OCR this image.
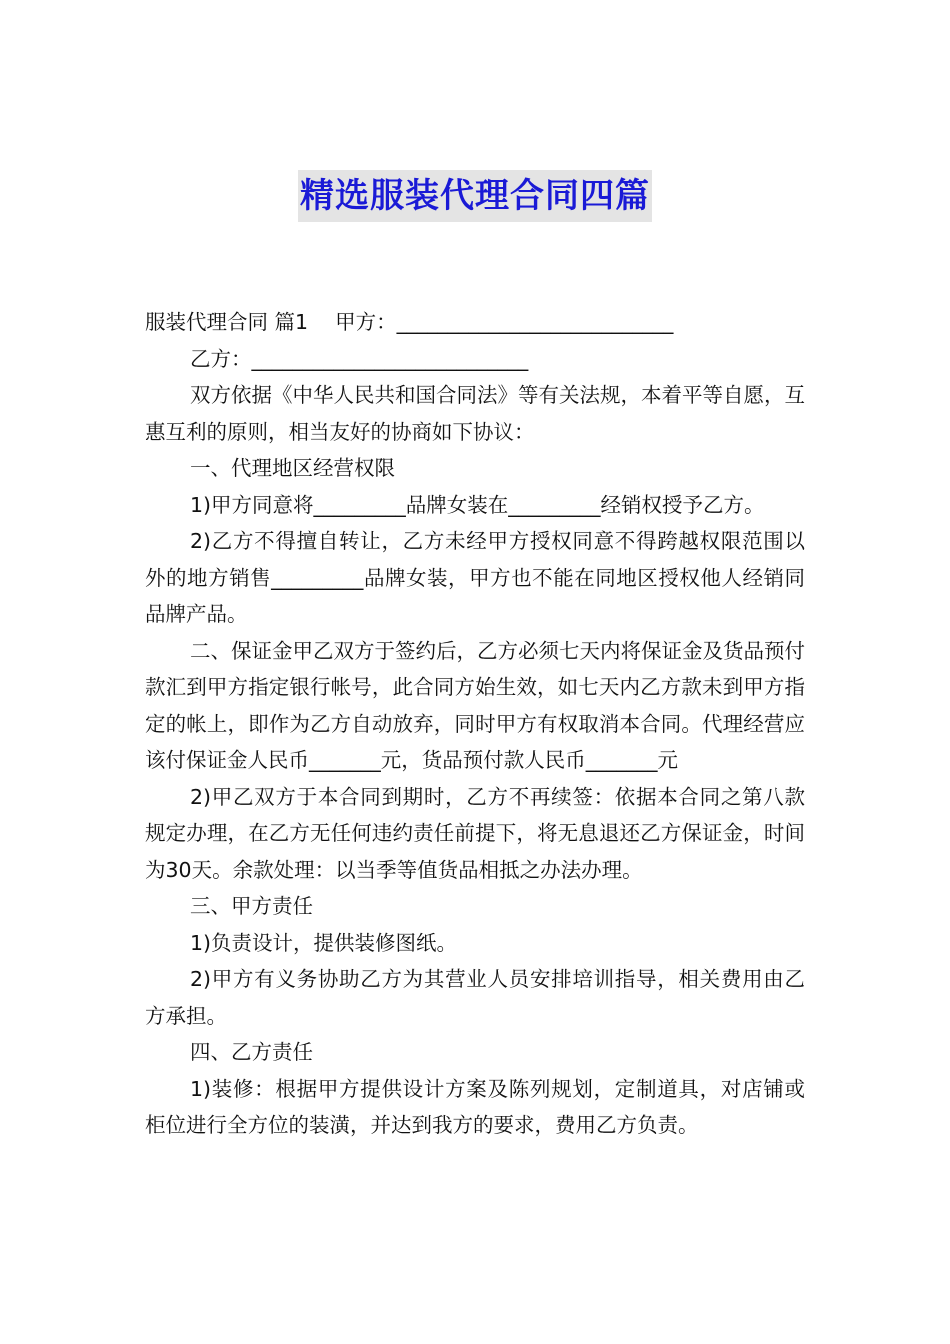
精选服装代理合同四篇

服装代理合同 篇1　 甲方：___________________________

乙方：___________________________

双方依据《中华人民共和国合同法》等有关法规，本着平等自愿，互惠互利的原则，相当友好的协商如下协议：

一、代理地区经营权限

1)甲方同意将_________品牌女装在_________经销权授予乙方。

2)乙方不得擅自转让，乙方未经甲方授权同意不得跨越权限范围以外的地方销售_________品牌女装，甲方也不能在同地区授权他人经销同品牌产品。

二、保证金甲乙双方于签约后，乙方必须七天内将保证金及货品预付款汇到甲方指定银行帐号，此合同方始生效，如七天内乙方款未到甲方指定的帐上，即作为乙方自动放弃，同时甲方有权取消本合同。代理经营应该付保证金人民币_______元，货品预付款人民币_______元

2)甲乙双方于本合同到期时，乙方不再续签：依据本合同之第八款规定办理，在乙方无任何违约责任前提下，将无息退还乙方保证金，时间为30天。余款处理：以当季等值货品相抵之办法办理。

三、甲方责任

1)负责设计，提供装修图纸。

2)甲方有义务协助乙方为其营业人员安排培训指导，相关费用由乙方承担。

四、乙方责任

1)装修：根据甲方提供设计方案及陈列规划，定制道具，对店铺或柜位进行全方位的装潢，并达到我方的要求，费用乙方负责。
